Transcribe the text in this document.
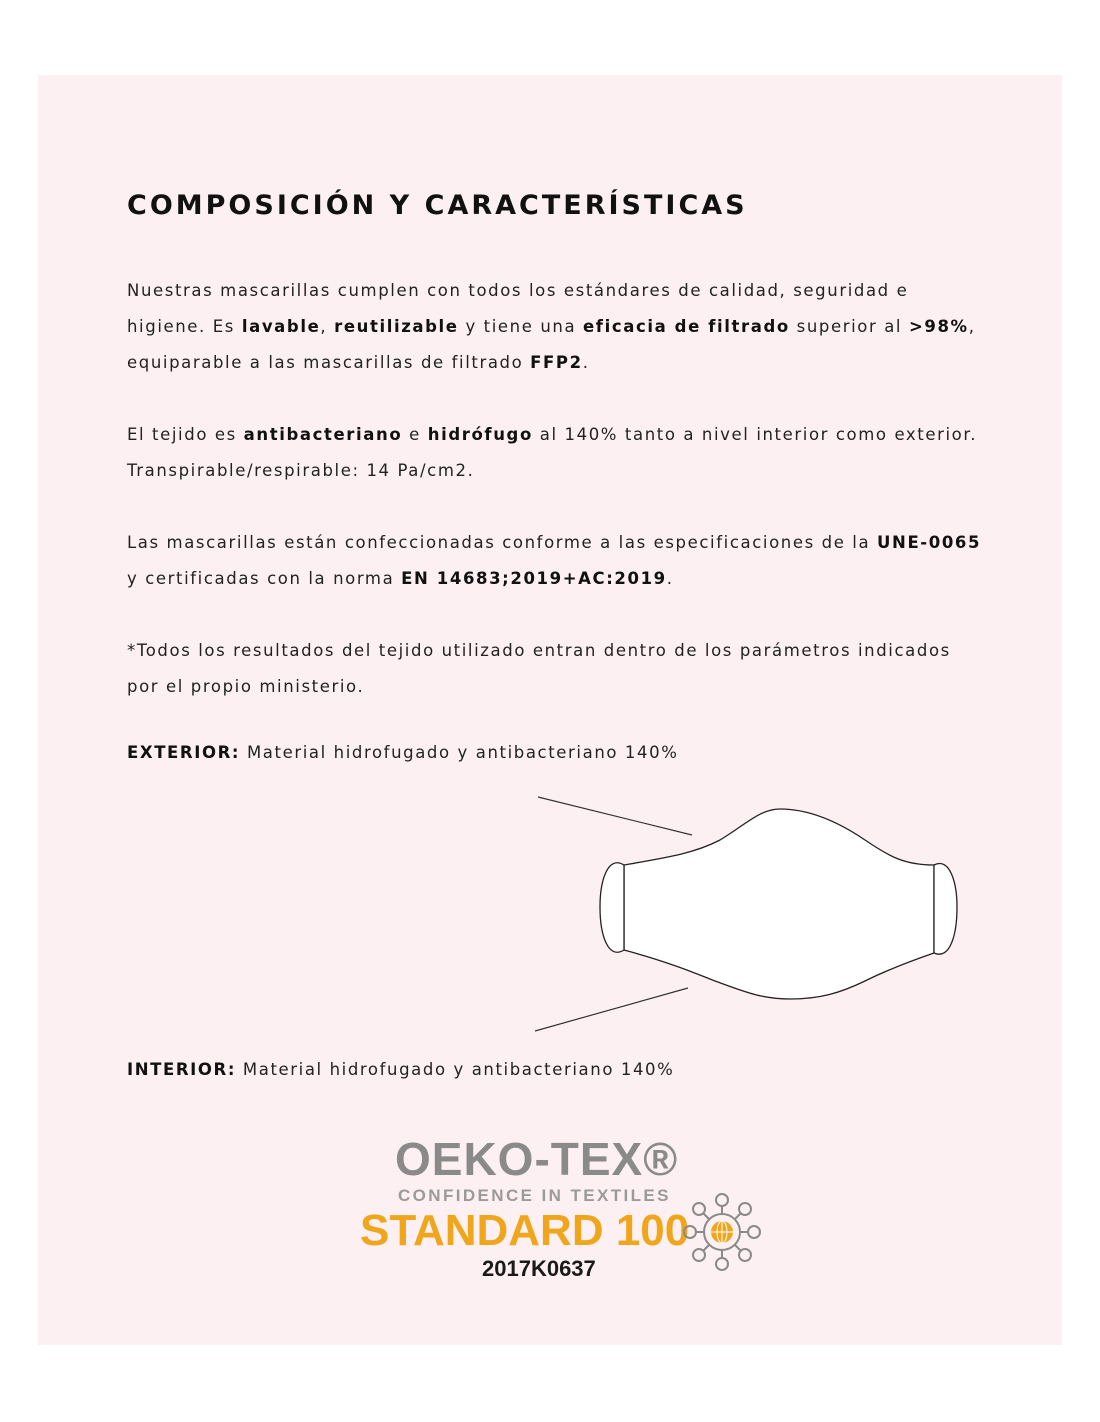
COMPOSICIÓN Y CARACTERÍSTICAS

Nuestras mascarillas cumplen con todos los estándares de calidad, seguridad e higiene. Es lavable, reutilizable y tiene una eficacia de filtrado superior al >98%, equiparable a las mascarillas de filtrado FFP2.

El tejido es antibacteriano e hidrófugo al 140% tanto a nivel interior como exterior. Transpirable/respirable: 14 Pa/cm2.

Las mascarillas están confeccionadas conforme a las especificaciones de la UNE-0065 y certificadas con la norma EN 14683;2019+AC:2019.

*Todos los resultados del tejido utilizado entran dentro de los parámetros indicados por el propio ministerio.

EXTERIOR: Material hidrofugado y antibacteriano 140%

INTERIOR: Material hidrofugado y antibacteriano 140%

OEKO-TEX®

CONFIDENCE IN TEXTILES

STANDARD 100

2017K0637
